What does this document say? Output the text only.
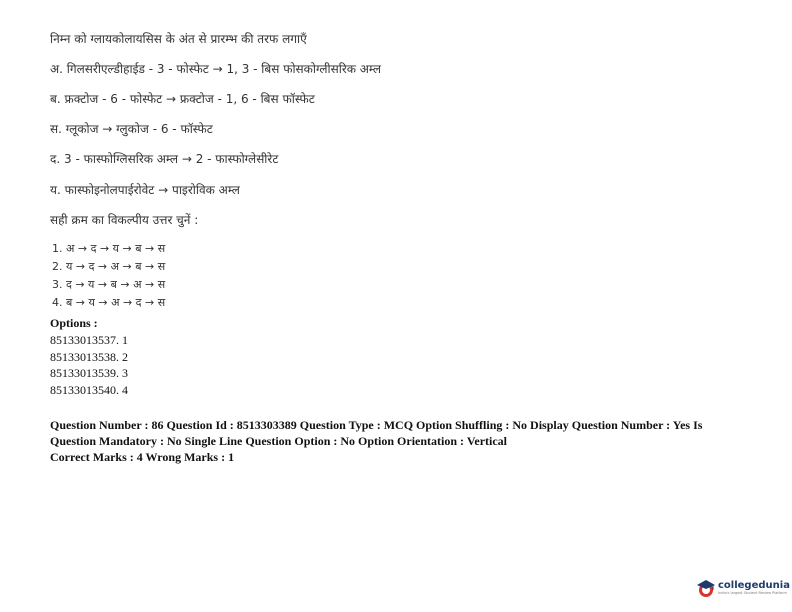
निम्न को ग्लायकोलायसिस के अंत से प्रारम्भ की तरफ लगाएँ
अ. गिलसरीएल्डीहाईड - 3 - फोस्फेट → 1, 3 - बिस फोसकोग्लीसरिक अम्ल
ब. फ्रक्टोज - 6 - फोस्फेट → फ्रक्टोज - 1, 6 - बिस फॉस्फेट
स. ग्लूकोज → ग्लुकोज - 6 - फॉस्फेट
द. 3 - फास्फोग्लिसरिक अम्ल → 2 - फास्फोग्लेसीरेट
य. फास्फोइनोलपाईरोवेट → पाइरोविक अम्ल
सही क्रम का विकल्पीय उत्तर चुनें :
1. अ → द → य → ब → स
2. य → द → अ → ब → स
3. द → य → ब → अ → स
4. ब → य → अ → द → स
Options :
85133013537. 1
85133013538. 2
85133013539. 3
85133013540. 4
Question Number : 86 Question Id : 8513303389 Question Type : MCQ Option Shuffling : No Display Question Number : Yes Is Question Mandatory : No Single Line Question Option : No Option Orientation : Vertical
Correct Marks : 4 Wrong Marks : 1
collegedunia
India's largest Student Review Platform
